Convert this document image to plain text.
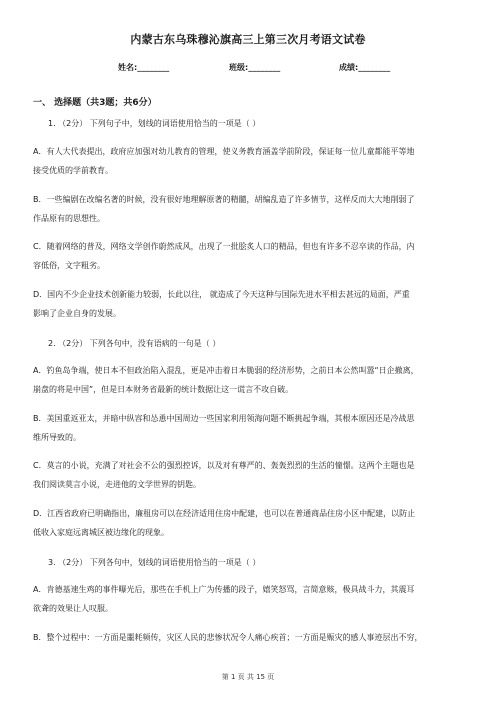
内蒙古东乌珠穆沁旗高三上第三次月考语文试卷
姓名:________	班级:________	成绩:________
一、 选择题（共3题；共6分）
1. （2分） 下列句子中，划线的词语使用恰当的一项是（ ）
A．有人大代表提出，政府应加强对幼儿教育的管理，使义务教育涵盖学前阶段，保证每一位儿童都能平等地
接受优质的学前教育。
B．一些编剧在改编名著的时候，没有很好地理解原著的精髓，胡编乱造了许多情节，这样反而大大地削弱了
作品原有的思想性。
C．随着网络的普及，网络文学创作蔚然成风，出现了一批脍炙人口的精品，但也有许多不忍卒读的作品，内
容低俗，文字粗劣。
D．国内不少企业技术创新能力较弱，长此以往， 就造成了今天这种与国际先进水平相去甚远的局面，严重
影响了企业自身的发展。
2. （2分） 下列各句中，没有语病的一句是（ ）
A．钓鱼岛争端，使日本不但政治陷入混乱，更是冲击着日本脆弱的经济形势，之前日本公然叫嚣“日企撤离，
崩盘的将是中国”，但是日本财务省最新的统计数据让这一谎言不攻自破。
B．美国重返亚太，并暗中纵容和怂恿中国周边一些国家利用领海问题不断挑起争端，其根本原因还是冷战思
维所导致的。
C．莫言的小说，充满了对社会不公的强烈控诉，以及对有尊严的、轰轰烈烈的生活的憧憬。这两个主题也是
我们阅读莫言小说，走进他的文学世界的钥匙。
D．江西省政府已明确指出，廉租房可以在经济适用住房中配建，也可以在普通商品住房小区中配建，以防止
低收入家庭远离城区被边缘化的现象。
3. （2分） 下列各句中，划线的词语使用恰当的一项是（ ）
A．肯德基速生鸡的事件曝光后，那些在手机上广为传播的段子，嬉笑怒骂，言简意赅，极具战斗力，其震耳
欲聋的效果让人叹服。
B．整个过程中：一方面是噩耗频传，灾区人民的悲惨状况令人痛心疾首；一方面是赈灾的感人事迹层出不穷，
第 1 页 共 15 页
